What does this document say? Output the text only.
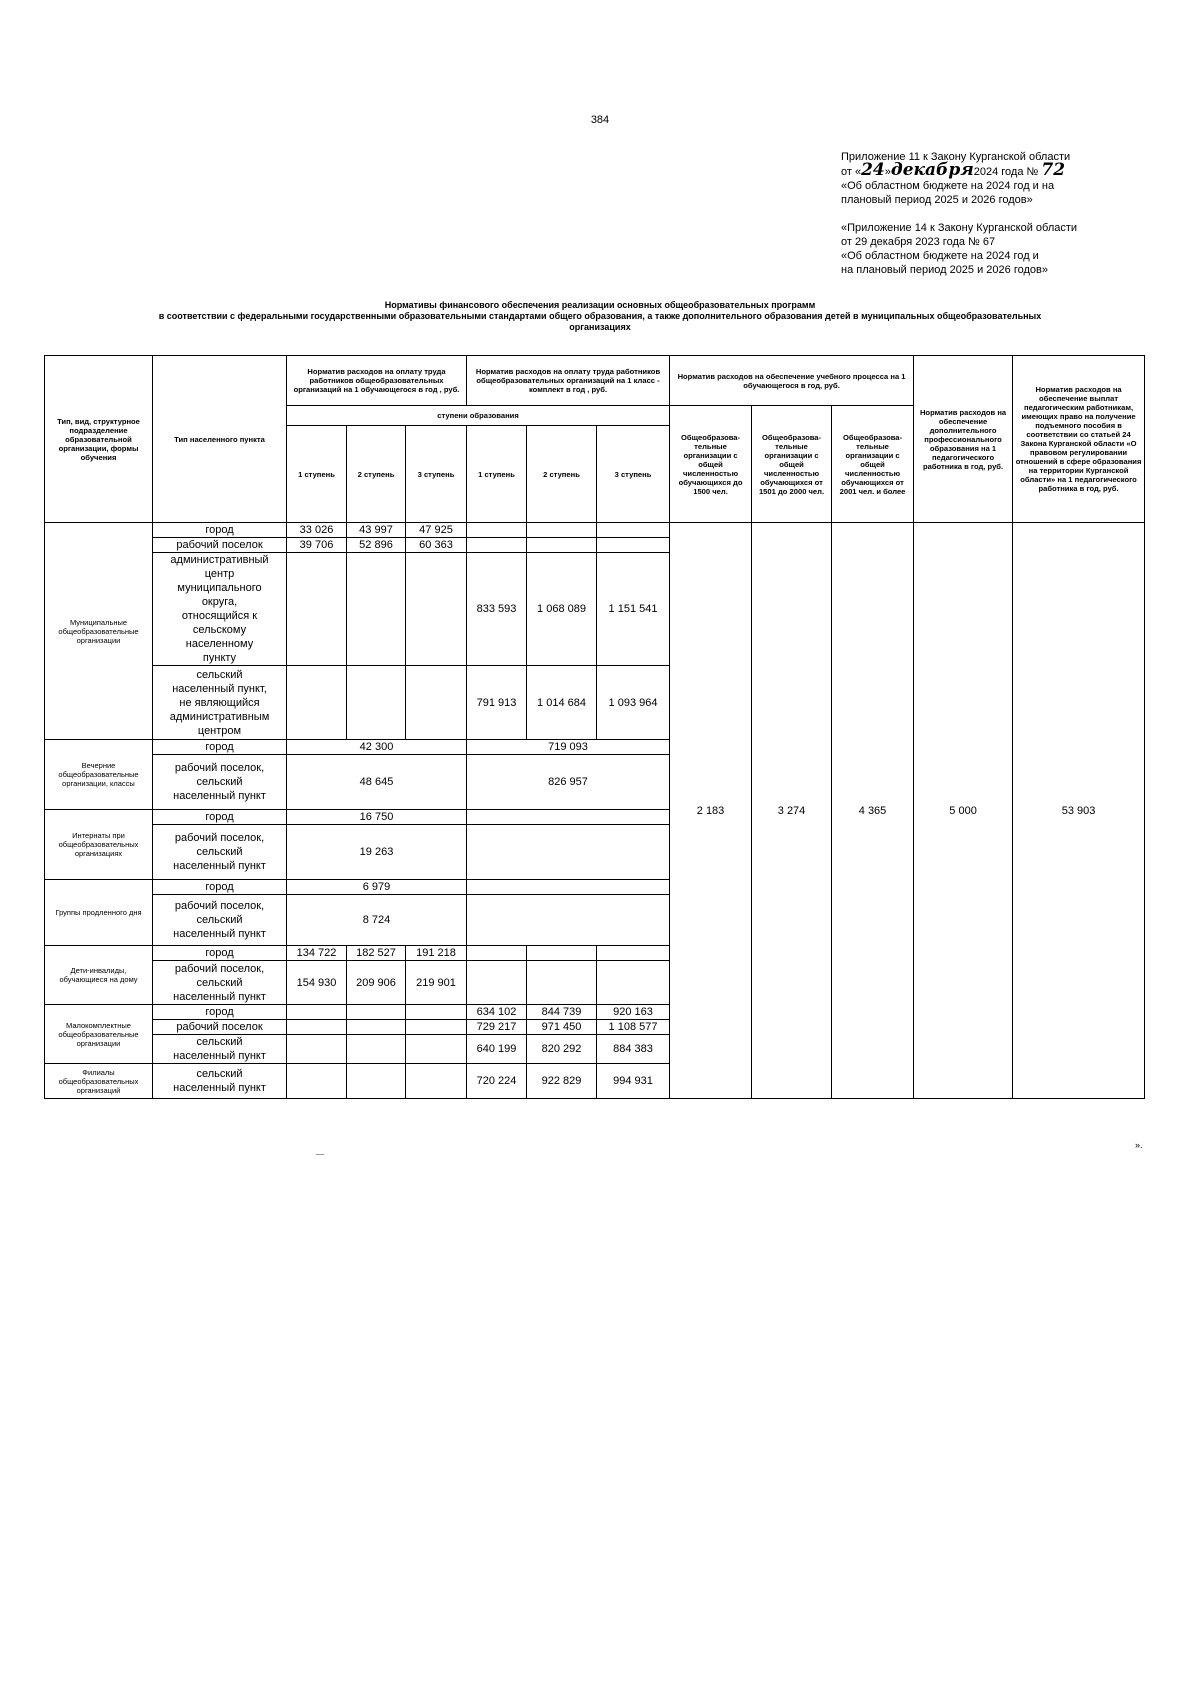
384

Приложение 11 к Закону Курганской области

от «24»декабря2024 года № 72

«Об областном бюджете на 2024 год и на

плановый период 2025 и 2026 годов»

«Приложение 14 к Закону Курганской области

от 29 декабря 2023 года № 67

«Об областном бюджете на 2024 год и

на плановый период 2025 и 2026 годов»

Нормативы финансового обеспечения реализации основных общеобразовательных программ

в соответствии с федеральными государственными образовательными стандартами общего образования, а также дополнительного образования детей в муниципальных общеобразовательных

организациях

Тип, вид, структурное подразделение образовательной организации, формы обучения	Тип населенного пункта	Норматив расходов на оплату труда работников общеобразовательных организаций на 1 обучающегося в год , руб.			Норматив расходов на оплату труда работников общеобразовательных организаций на 1 класс - комплект в год , руб.			Норматив расходов на обеспечение учебного процесса на 1 обучающегося в год, руб.			Норматив расходов на обеспечение дополнительного профессионального образования на 1 педагогического работника в год, руб.	Норматив расходов на обеспечение выплат педагогическим работникам, имеющих право на получение подъемного пособия в соответствии со статьей 24 Закона Курганской области «О правовом регулировании отношений в сфере образования на территории Курганской области» на 1 педагогического работника в год, руб.
		ступени образования						Общеобразова-тельные организации с общей численностью обучающихся до 1500 чел.	Общеобразова-тельные организации с общей численностью обучающихся от 1501 до 2000 чел.	Общеобразова-тельные организации с общей численностью обучающихся от 2001 чел. и более		
		1 ступень	2 ступень	3 ступень	1 ступень	2 ступень	3 ступень					
Муниципальные общеобразовательные организации	город	33 026	43 997	47 925				2 183	3 274	4 365	5 000	53 903
	рабочий поселок	39 706	52 896	60 363								
	административный центр муниципального округа, относящийся к сельскому населенному пункту				833 593	1 068 089	1 151 541					
	сельский населенный пункт, не являющийся административным центром				791 913	1 014 684	1 093 964					
Вечерние общеобразовательные организации, классы	город	42 300			719 093							
	рабочий поселок, сельский населенный пункт	48 645			826 957							
Интернаты при общеобразовательных организациях	город	16 750										
	рабочий поселок, сельский населенный пункт	19 263										
Группы продленного дня	город	6 979										
	рабочий поселок, сельский населенный пункт	8 724										
Дети-инвалиды, обучающиеся на дому	город	134 722	182 527	191 218								
	рабочий поселок, сельский населенный пункт	154 930	209 906	219 901								
Малокомплектные общеобразовательные организации	город				634 102	844 739	920 163					
	рабочий поселок				729 217	971 450	1 108 577					
	сельский населенный пункт				640 199	820 292	884 383					
Филиалы общеобразовательных организаций	сельский населенный пункт				720 224	922 829	994 931					
».
